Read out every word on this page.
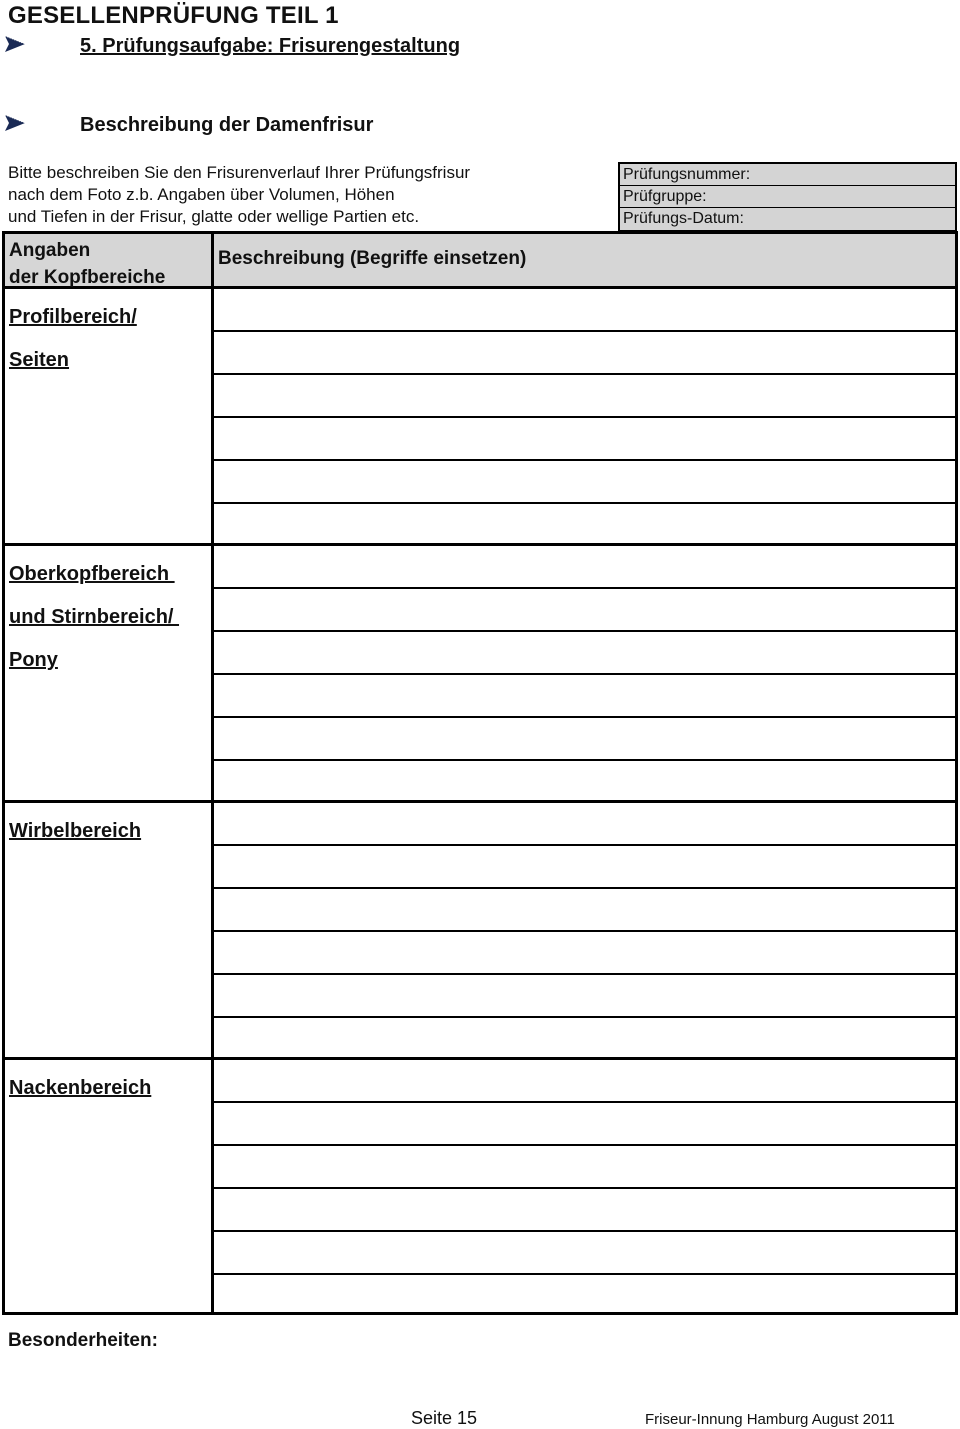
GESELLENPRÜFUNG TEIL 1
5. Prüfungsaufgabe: Frisurengestaltung
Beschreibung der Damenfrisur
Bitte beschreiben Sie den Frisurenverlauf Ihrer Prüfungsfrisur
nach dem Foto z.b. Angaben über Volumen, Höhen
und Tiefen in der Frisur, glatte oder wellige Partien etc.
Prüfungsnummer:
Prüfgruppe:
Prüfungs-Datum:
Angaben
der Kopfbereiche
Beschreibung (Begriffe einsetzen)
Profilbereich/
Seiten
Oberkopfbereich
und Stirnbereich/
Pony
Wirbelbereich
Nackenbereich
Besonderheiten:
Seite 15	Friseur-Innung Hamburg August 2011
